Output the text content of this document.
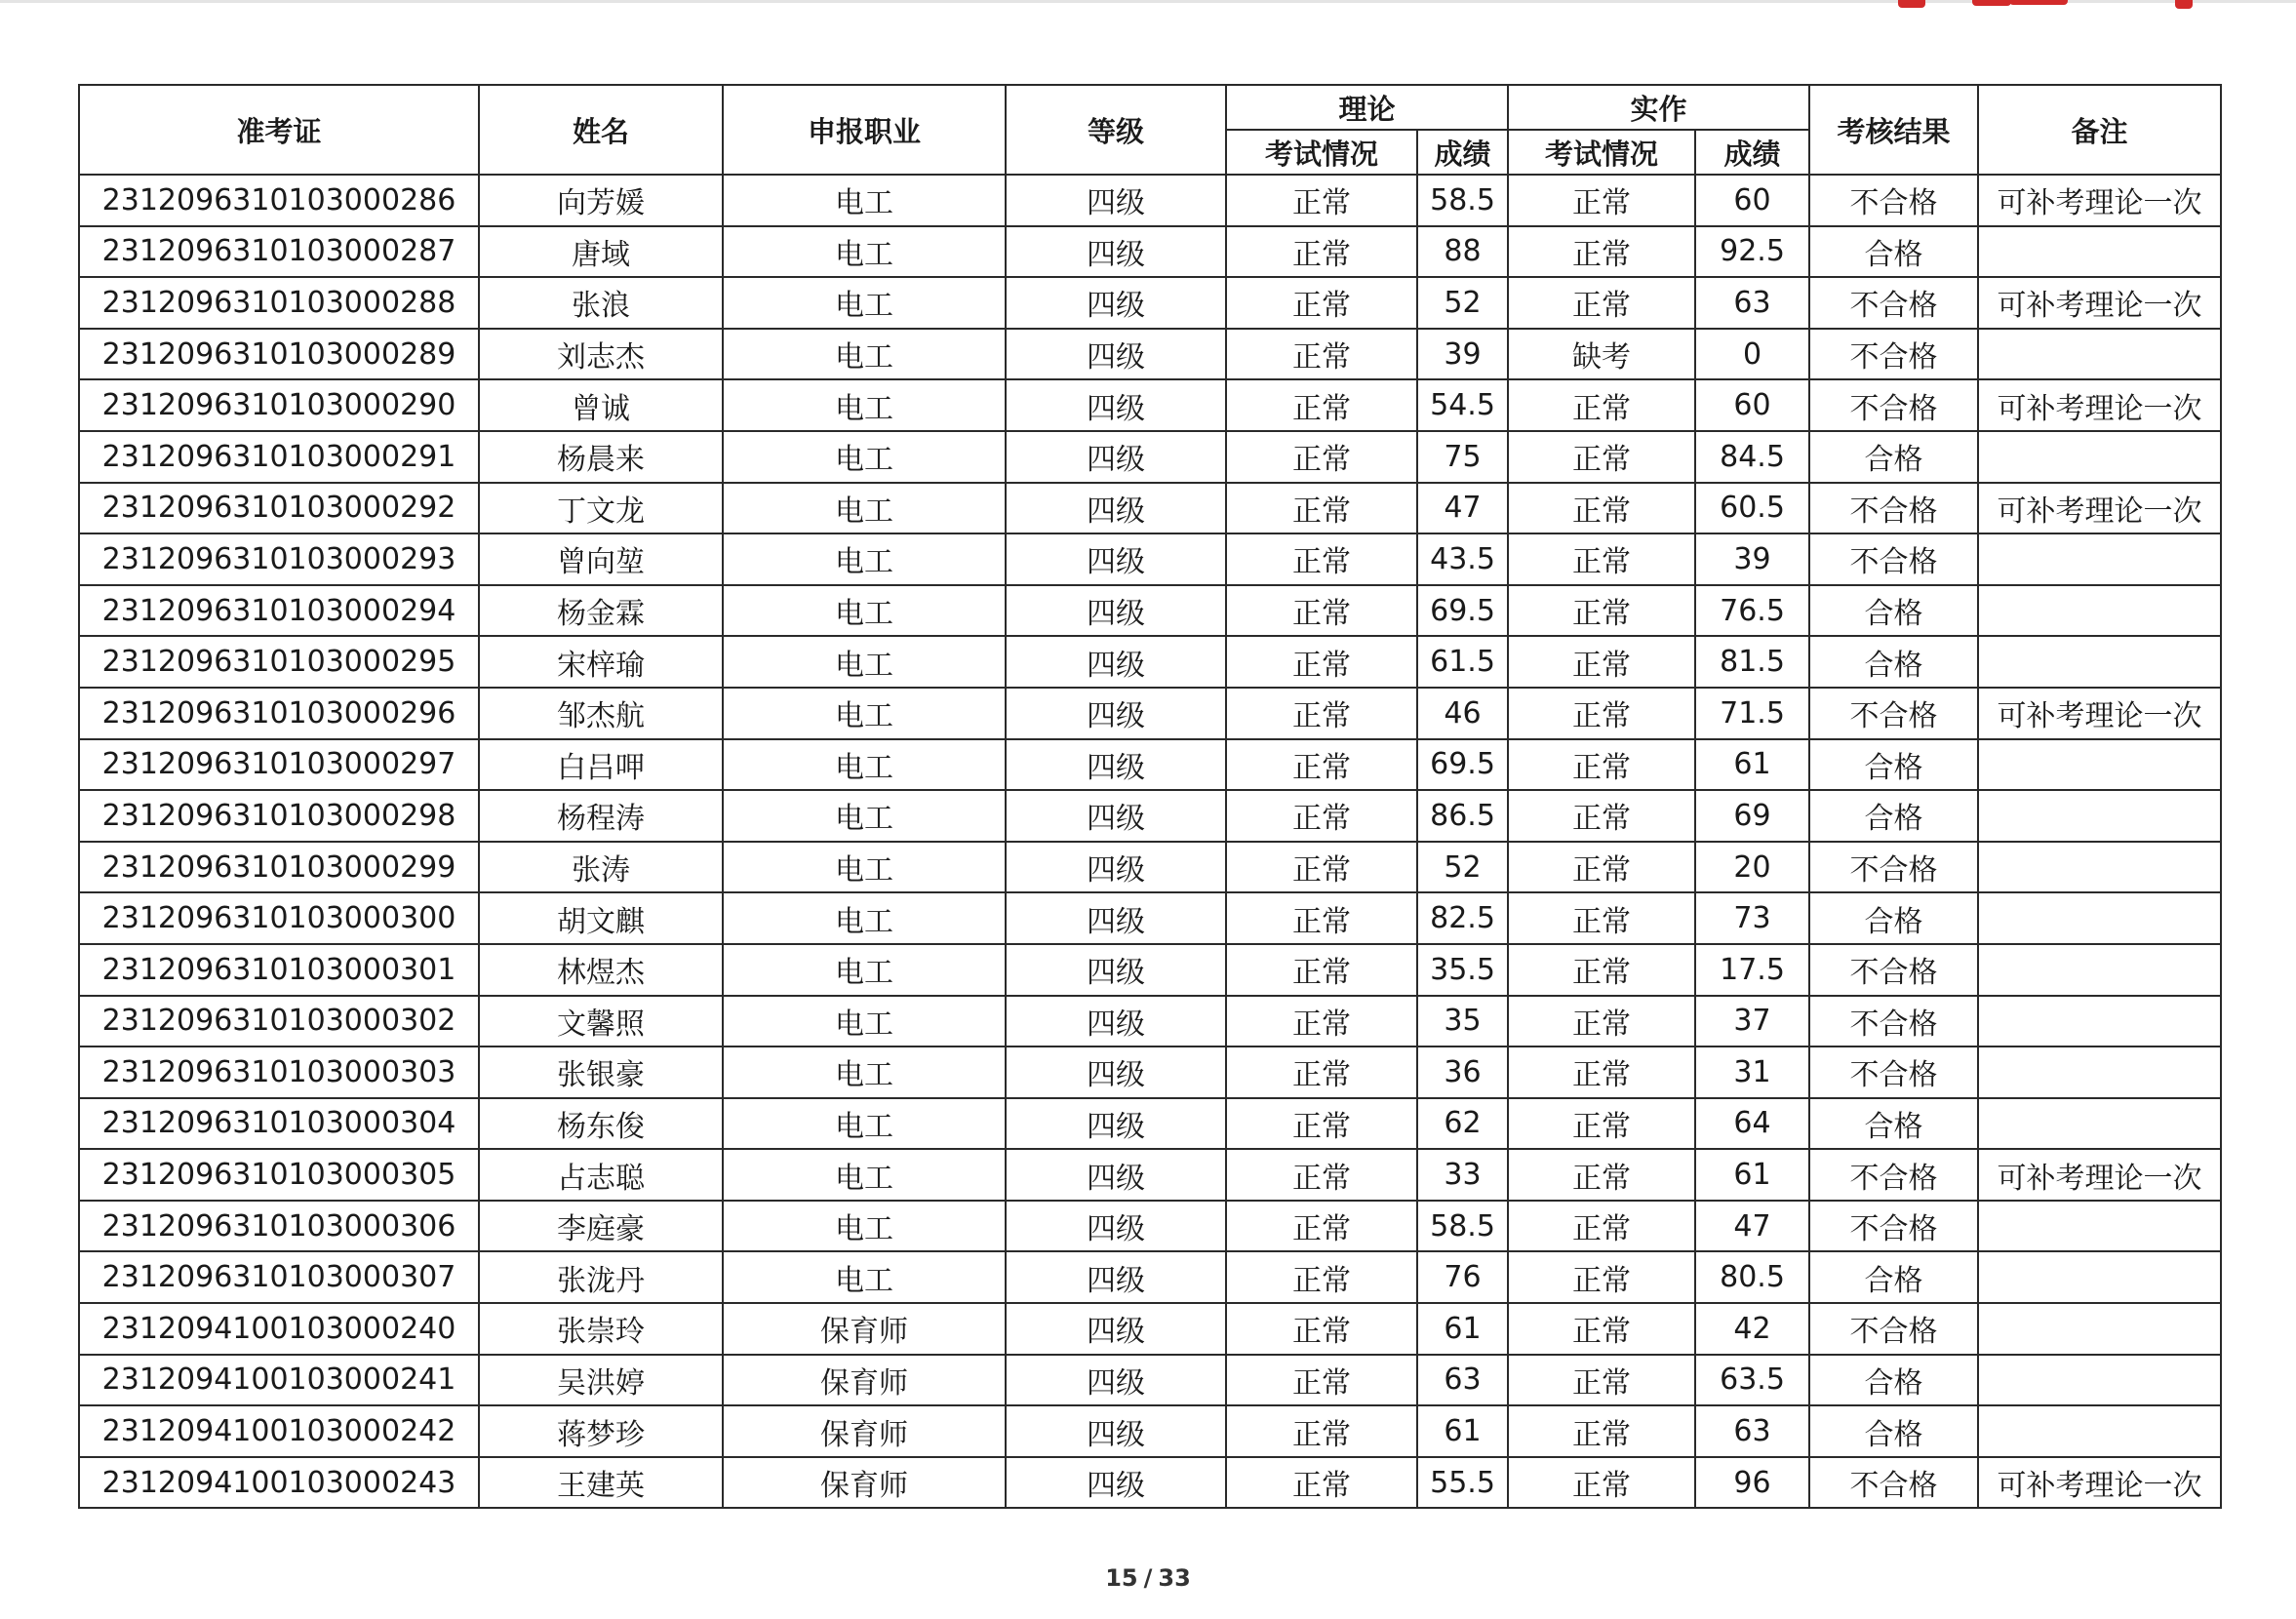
准考证	姓名	申报职业	等级	理论		实作		考核结果	备注
				考试情况	成绩	考试情况	成绩		
2312096310103000286	向芳媛	电工	四级	正常	58.5	正常	60	不合格	可补考理论一次
2312096310103000287	唐域	电工	四级	正常	88	正常	92.5	合格	
2312096310103000288	张浪	电工	四级	正常	52	正常	63	不合格	可补考理论一次
2312096310103000289	刘志杰	电工	四级	正常	39	缺考	0	不合格	
2312096310103000290	曾诚	电工	四级	正常	54.5	正常	60	不合格	可补考理论一次
2312096310103000291	杨晨来	电工	四级	正常	75	正常	84.5	合格	
2312096310103000292	丁文龙	电工	四级	正常	47	正常	60.5	不合格	可补考理论一次
2312096310103000293	曾向堃	电工	四级	正常	43.5	正常	39	不合格	
2312096310103000294	杨金霖	电工	四级	正常	69.5	正常	76.5	合格	
2312096310103000295	宋梓瑜	电工	四级	正常	61.5	正常	81.5	合格	
2312096310103000296	邹杰航	电工	四级	正常	46	正常	71.5	不合格	可补考理论一次
2312096310103000297	白吕呷	电工	四级	正常	69.5	正常	61	合格	
2312096310103000298	杨程涛	电工	四级	正常	86.5	正常	69	合格	
2312096310103000299	张涛	电工	四级	正常	52	正常	20	不合格	
2312096310103000300	胡文麒	电工	四级	正常	82.5	正常	73	合格	
2312096310103000301	林煜杰	电工	四级	正常	35.5	正常	17.5	不合格	
2312096310103000302	文馨照	电工	四级	正常	35	正常	37	不合格	
2312096310103000303	张银豪	电工	四级	正常	36	正常	31	不合格	
2312096310103000304	杨东俊	电工	四级	正常	62	正常	64	合格	
2312096310103000305	占志聪	电工	四级	正常	33	正常	61	不合格	可补考理论一次
2312096310103000306	李庭豪	电工	四级	正常	58.5	正常	47	不合格	
2312096310103000307	张泷丹	电工	四级	正常	76	正常	80.5	合格	
2312094100103000240	张崇玲	保育师	四级	正常	61	正常	42	不合格	
2312094100103000241	吴洪婷	保育师	四级	正常	63	正常	63.5	合格	
2312094100103000242	蒋梦珍	保育师	四级	正常	61	正常	63	合格	
2312094100103000243	王建英	保育师	四级	正常	55.5	正常	96	不合格	可补考理论一次
15 / 33
